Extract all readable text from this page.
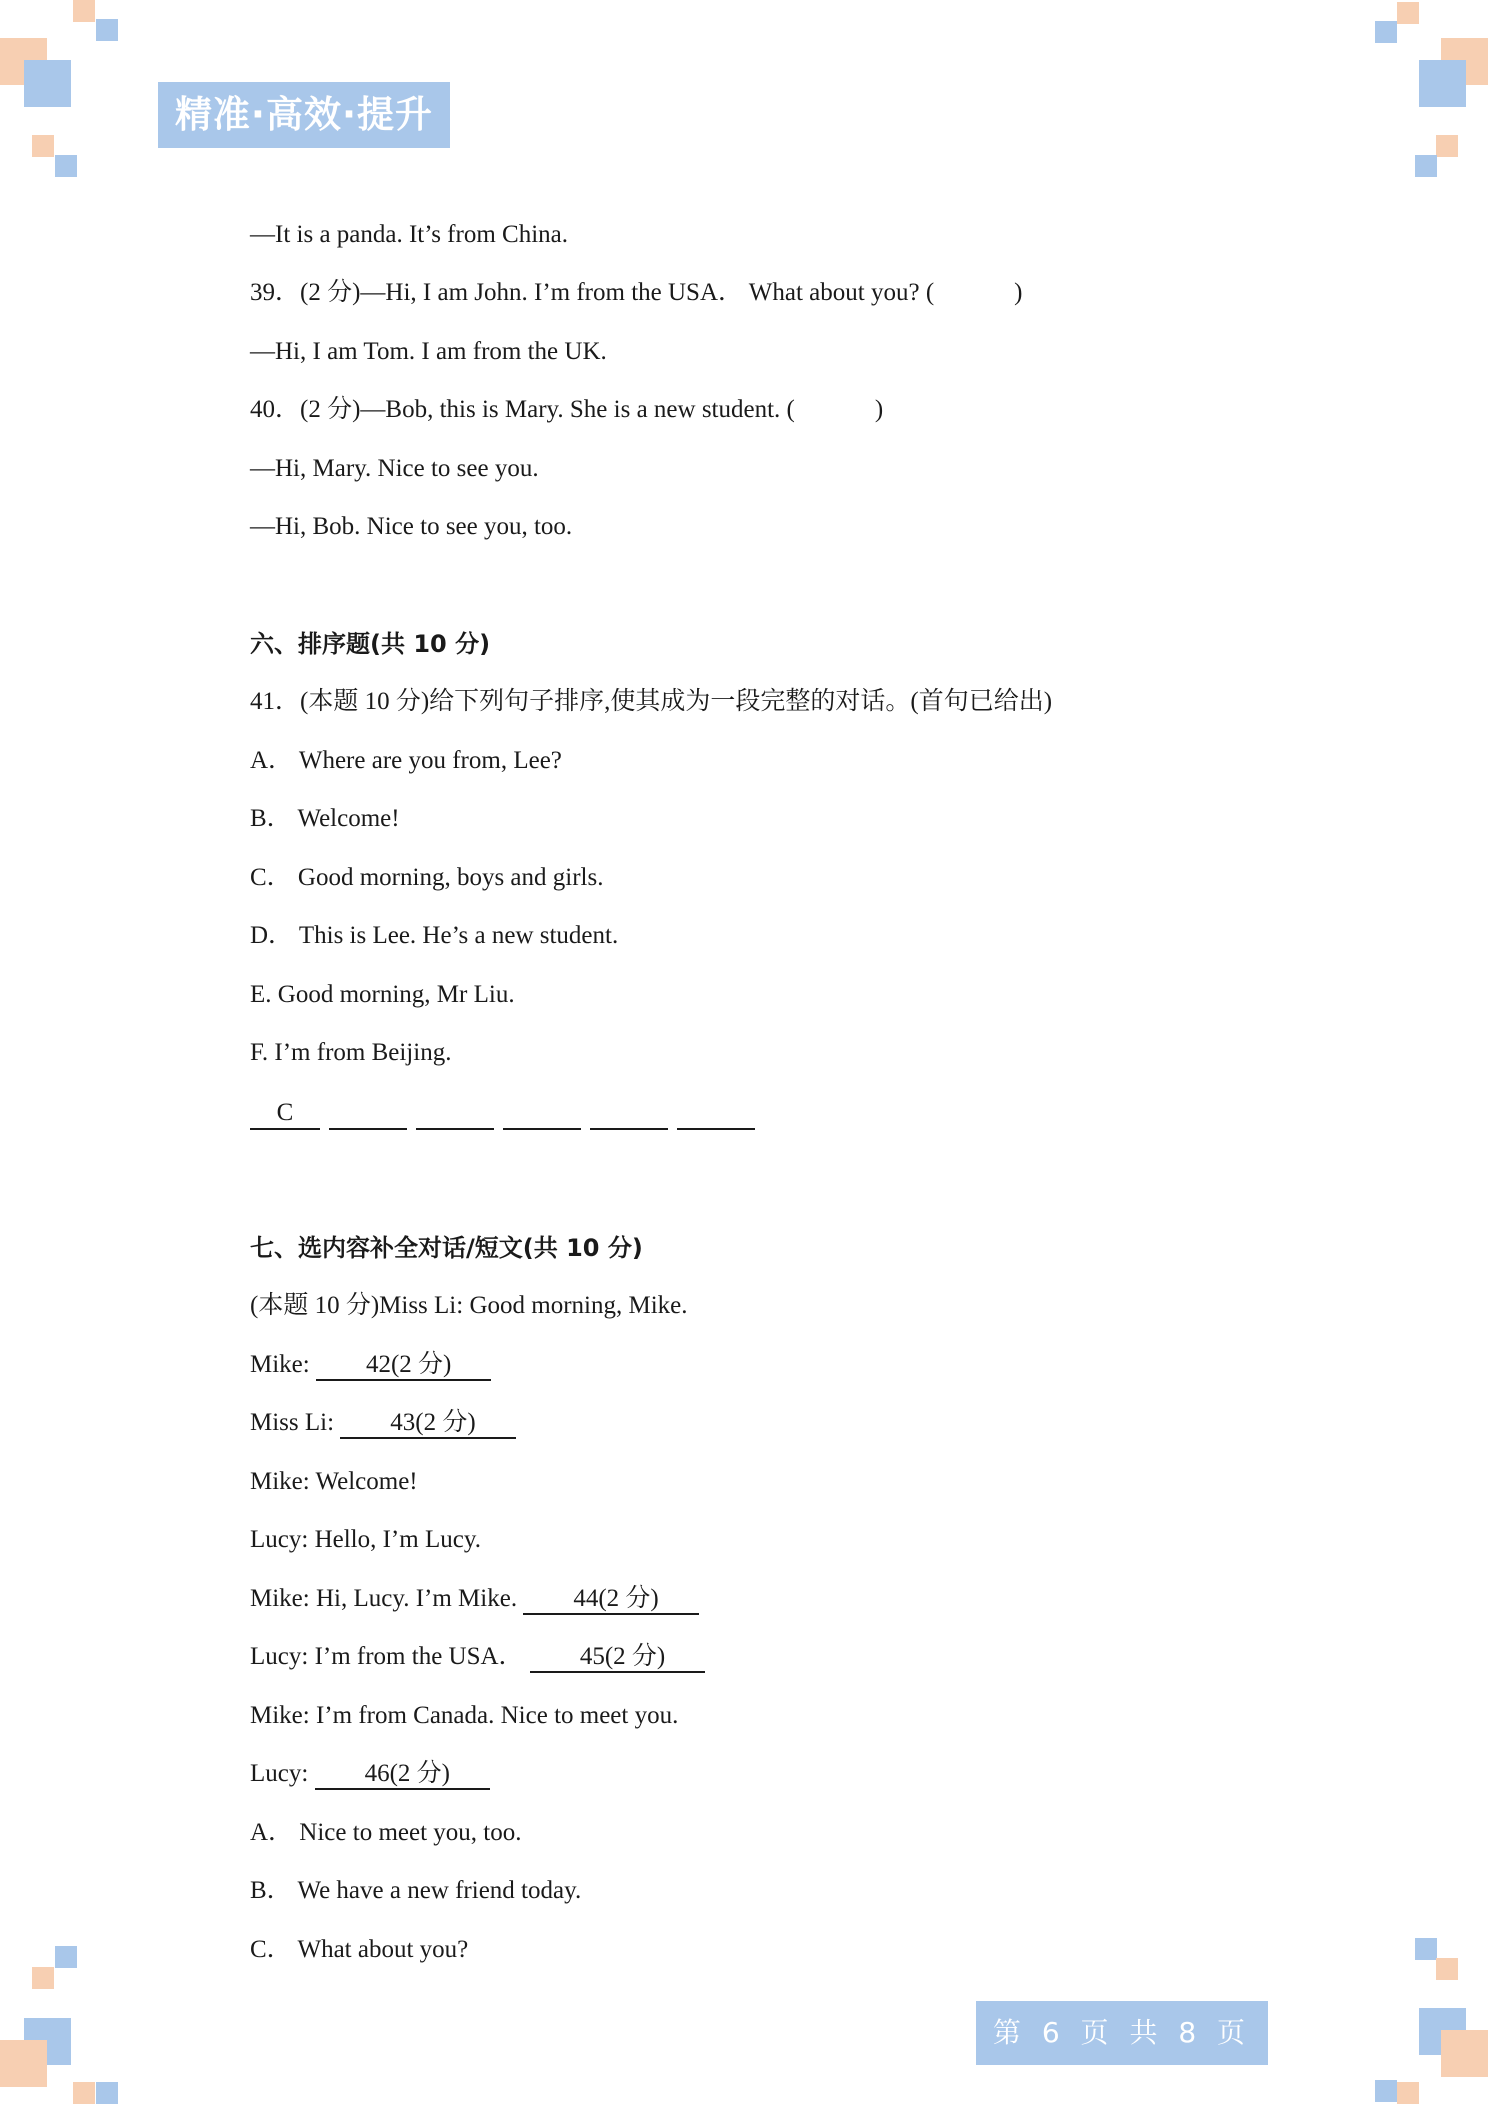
精准·高效·提升
—It is a panda. It’s from China.
39．(2 分)—Hi, I am John. I’m from the USA． What about you? (	)
—Hi, I am Tom. I am from the UK.
40．(2 分)—Bob, this is Mary. She is a new student. (	)
—Hi, Mary. Nice to see you.
—Hi, Bob. Nice to see you, too.
六、排序题(共 10 分)
41．(本题 10 分)给下列句子排序,使其成为一段完整的对话。(首句已给出)
A． Where are you from, Lee?
B． Welcome!
C． Good morning, boys and girls.
D． This is Lee. He’s a new student.
E. Good morning, Mr Liu.
F. I’m from Beijing.
C
七、选内容补全对话/短文(共 10 分)
(本题 10 分)Miss Li: Good morning, Mike.
Mike: 42(2 分)
Miss Li: 43(2 分)
Mike: Welcome!
Lucy: Hello, I’m Lucy.
Mike: Hi, Lucy. I’m Mike. 44(2 分)
Lucy: I’m from the USA． 45(2 分)
Mike: I’m from Canada. Nice to meet you.
Lucy: 46(2 分)
A． Nice to meet you, too.
B． We have a new friend today.
C． What about you?
第 6 页 共 8 页
